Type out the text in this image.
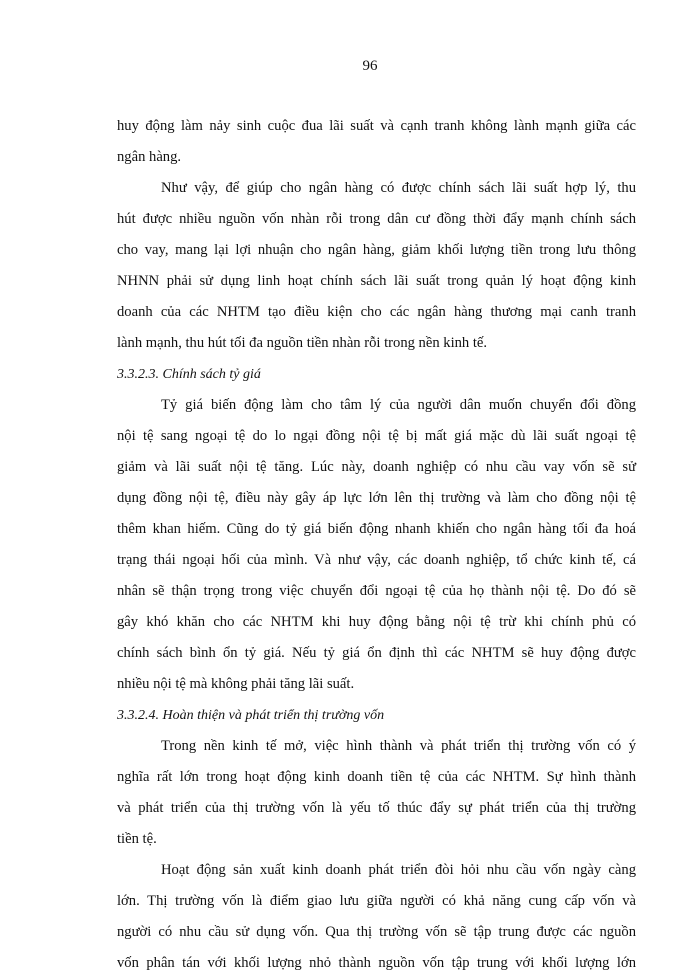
96

huy động làm nảy sinh cuộc đua lãi suất và cạnh tranh không lành mạnh giữa các
ngân hàng.
Như vậy, để giúp cho ngân hàng có được chính sách lãi suất hợp lý, thu
hút được nhiều nguồn vốn nhàn rỗi trong dân cư đồng thời đẩy mạnh chính sách
cho vay, mang lại lợi nhuận cho ngân hàng, giảm khối lượng tiền trong lưu thông
NHNN phải sử dụng linh hoạt chính sách lãi suất trong quản lý hoạt động kinh
doanh của các NHTM tạo điều kiện cho các ngân hàng thương mại canh tranh
lành mạnh, thu hút tối đa nguồn tiền nhàn rỗi trong nền kinh tế.
3.3.2.3. Chính sách tỷ giá
Tỷ giá biến động làm cho tâm lý của người dân muốn chuyển đổi đồng
nội tệ sang ngoại tệ do lo ngại đồng nội tệ bị mất giá mặc dù lãi suất ngoại tệ
giảm và lãi suất nội tệ tăng. Lúc này, doanh nghiệp có nhu cầu vay vốn sẽ sử
dụng đồng nội tệ, điều này gây áp lực lớn lên thị trường và làm cho đồng nội tệ
thêm khan hiếm. Cũng do tỷ giá biến động nhanh khiến cho ngân hàng tối đa hoá
trạng thái ngoại hối của mình. Và như vậy, các doanh nghiệp, tổ chức kinh tế, cá
nhân sẽ thận trọng trong việc chuyển đổi ngoại tệ của họ thành nội tệ. Do đó sẽ
gây khó khăn cho các NHTM khi huy động bằng nội tệ trừ khi chính phủ có
chính sách bình ổn tỷ giá. Nếu tỷ giá ổn định thì các NHTM sẽ huy động được
nhiều nội tệ mà không phải tăng lãi suất.
3.3.2.4. Hoàn thiện và phát triển thị trường vốn
Trong nền kinh tế mở, việc hình thành và phát triển thị trường vốn có ý
nghĩa rất lớn trong hoạt động kinh doanh tiền tệ của các NHTM. Sự hình thành
và phát triển của thị trường vốn là yếu tố thúc đẩy sự phát triển của thị trường
tiền tệ.
Hoạt động sản xuất kinh doanh phát triển đòi hỏi nhu cầu vốn ngày càng
lớn. Thị trường vốn là điểm giao lưu giữa người có khả năng cung cấp vốn và
người có nhu cầu sử dụng vốn. Qua thị trường vốn sẽ tập trung được các nguồn
vốn phân tán với khối lượng nhỏ thành nguồn vốn tập trung với khối lượng lớn
